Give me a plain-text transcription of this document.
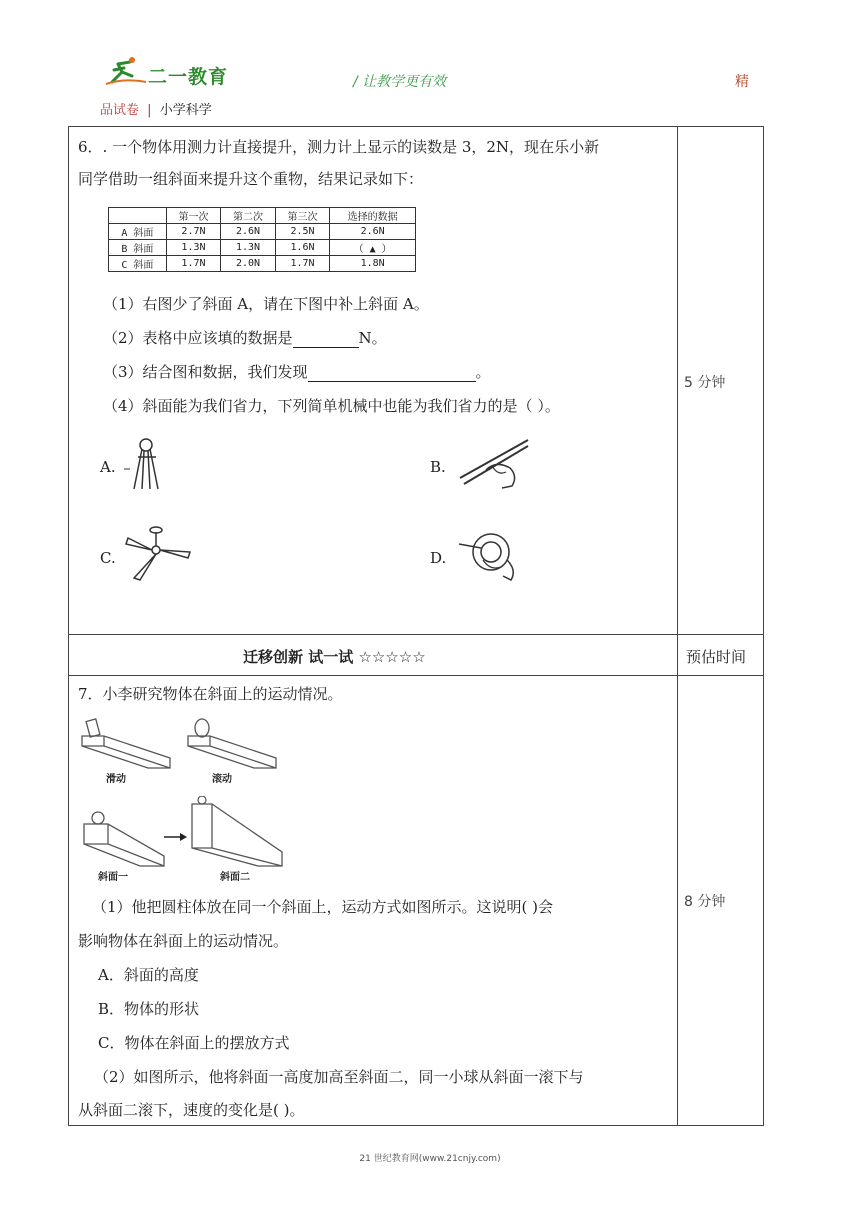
二一教育	/ 让教学更有效	精
品试卷 | 小学科学
6．. 一个物体用测力计直接提升，测力计上显示的读数是 3，2N，现在乐小新
同学借助一组斜面来提升这个重物，结果记录如下：
	第一次	第二次	第三次	选择的数据
A 斜面	2.7N	2.6N	2.5N	2.6N
B 斜面	1.3N	1.3N	1.6N	（ ▲ ）
C 斜面	1.7N	2.0N	1.7N	1.8N
（1）右图少了斜面 A，请在下图中补上斜面 A。
（2）表格中应该填的数据是	N。
（3）结合图和数据，我们发现	。
（4）斜面能为我们省力，下列简单机械中也能为我们省力的是（ ）。
A.	B.
C.	D.
5 分钟
迁移创新 试一试 ☆☆☆☆☆	预估时间
7．小李研究物体在斜面上的运动情况。
滑动	滚动
斜面一	斜面二
（1）他把圆柱体放在同一个斜面上，运动方式如图所示。这说明( )会
影响物体在斜面上的运动情况。
A．斜面的高度
B．物体的形状
C．物体在斜面上的摆放方式
（2）如图所示，他将斜面一高度加高至斜面二，同一小球从斜面一滚下与
从斜面二滚下，速度的变化是( )。
8 分钟
21 世纪教育网(www.21cnjy.com)
